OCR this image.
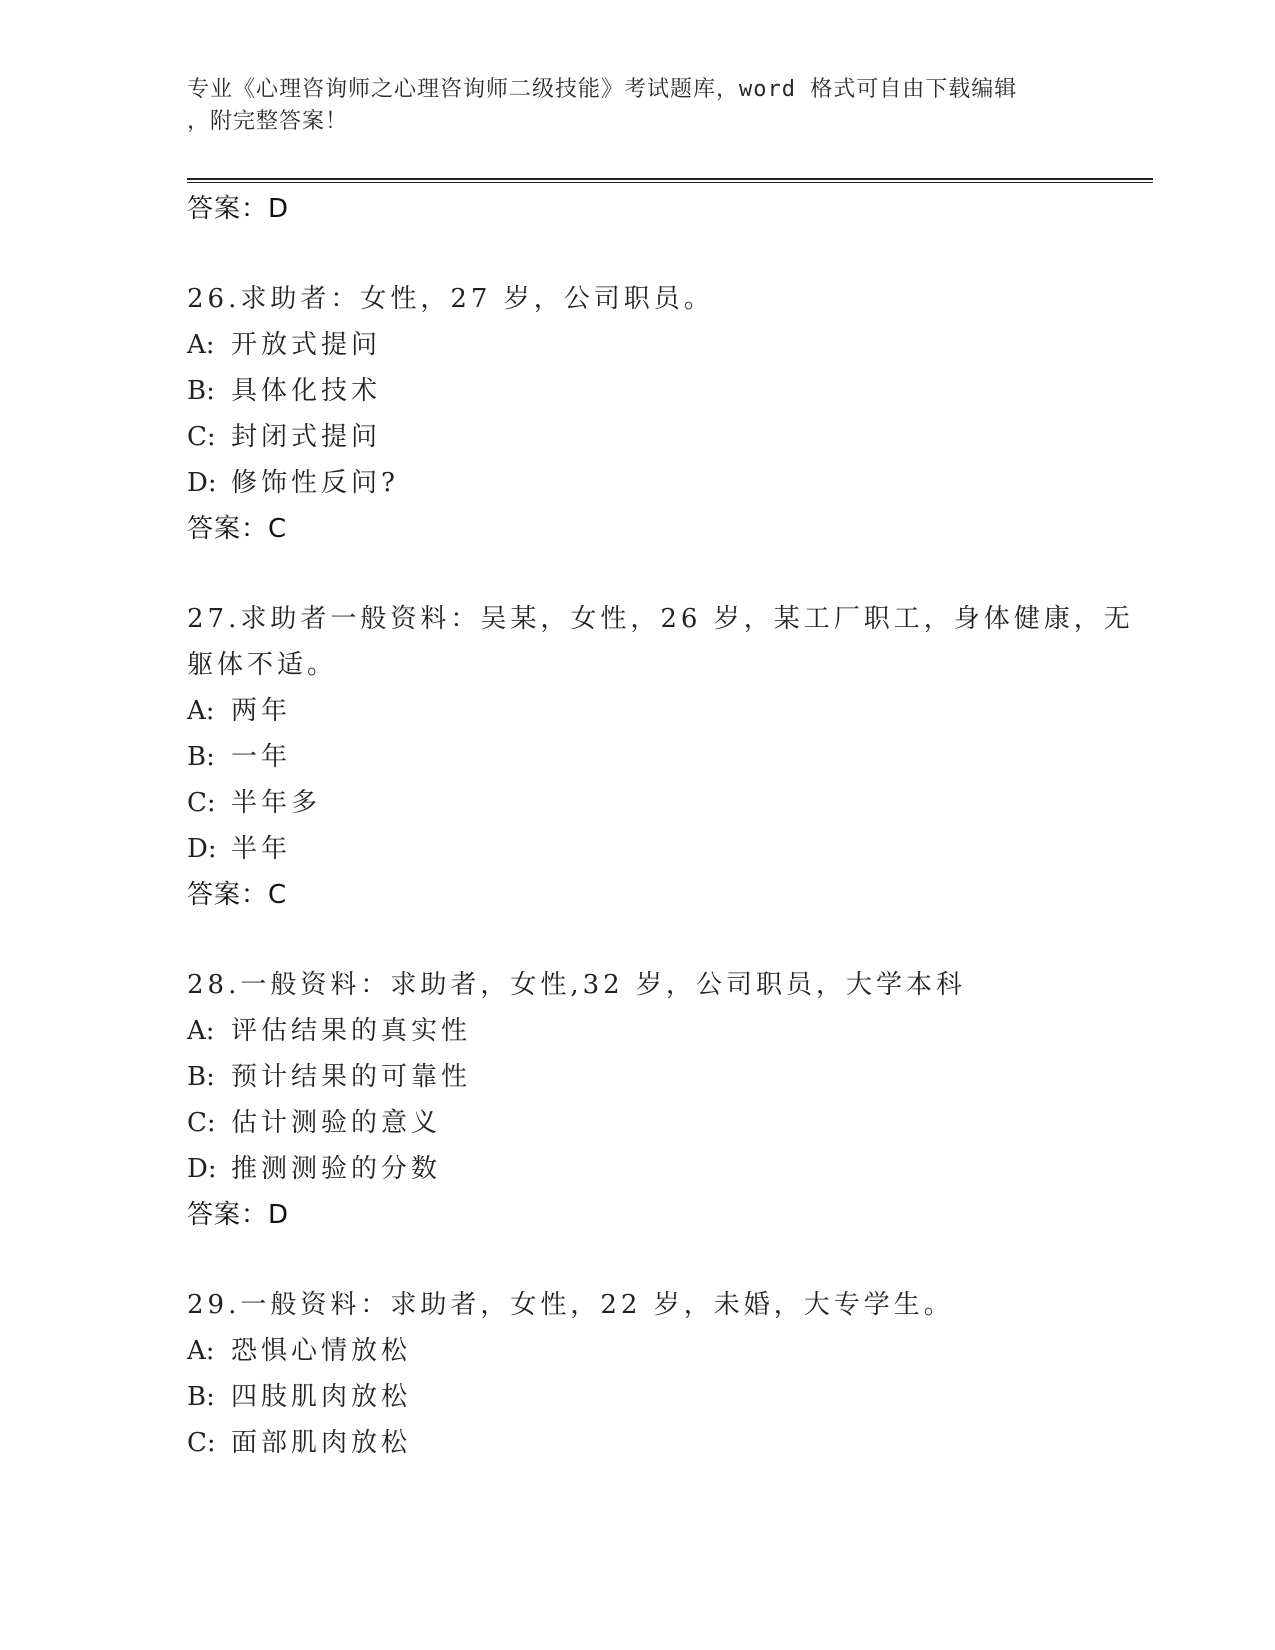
专业《心理咨询师之心理咨询师二级技能》考试题库，word 格式可自由下载编辑
，附完整答案！
答案：D
26.求助者：女性，27 岁，公司职员。
A: 开放式提问
B: 具体化技术
C: 封闭式提问
D: 修饰性反问?
答案：C
27.求助者一般资料：吴某，女性，26 岁，某工厂职工，身体健康，无
躯体不适。
A: 两年
B: 一年
C: 半年多
D: 半年
答案：C
28.一般资料：求助者，女性,32 岁，公司职员，大学本科
A: 评估结果的真实性
B: 预计结果的可靠性
C: 估计测验的意义
D: 推测测验的分数
答案：D
29.一般资料：求助者，女性，22 岁，未婚，大专学生。
A: 恐惧心情放松
B: 四肢肌肉放松
C: 面部肌肉放松
